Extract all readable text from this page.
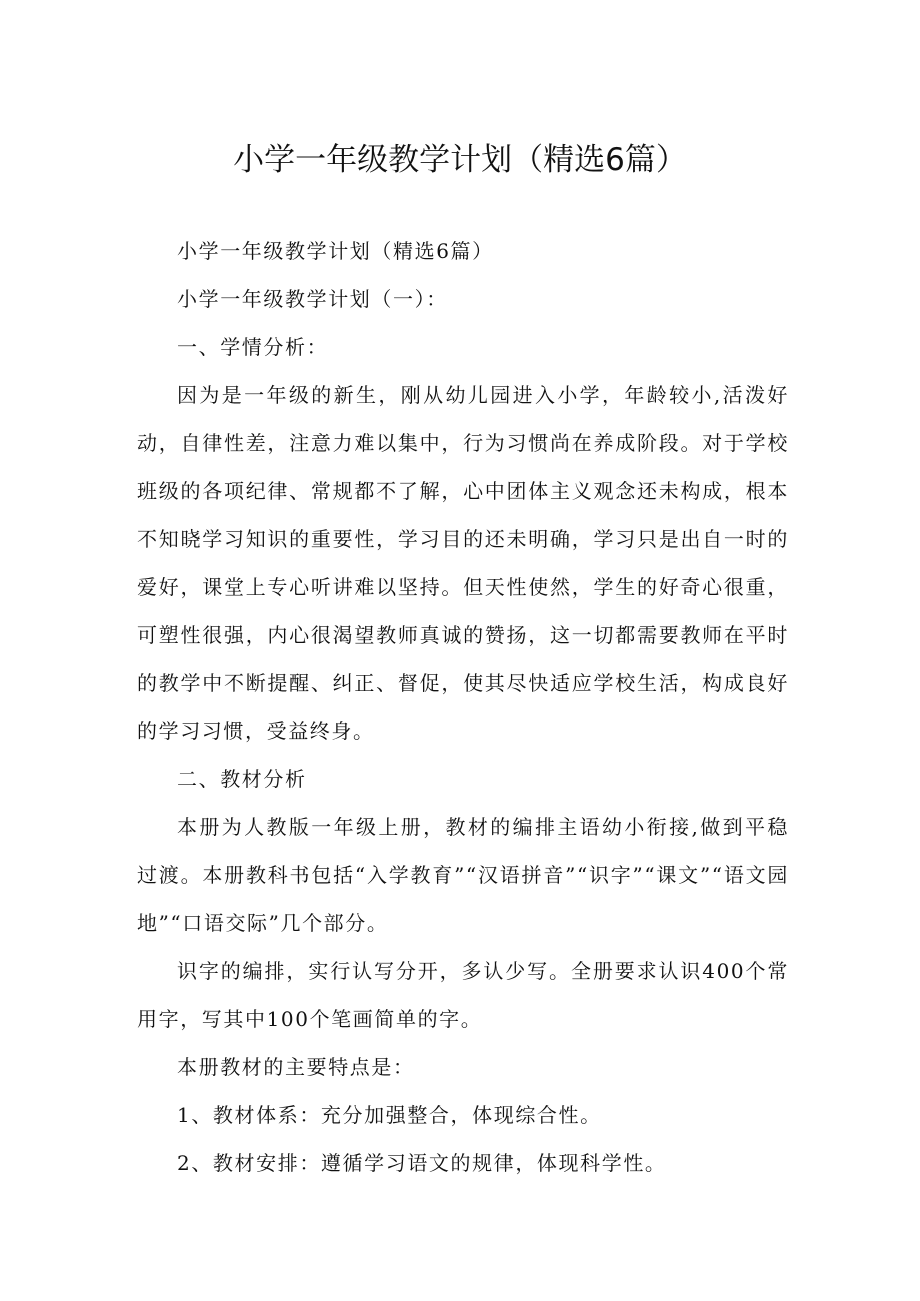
小学一年级教学计划（精选6篇）

小学一年级教学计划（精选6篇）

小学一年级教学计划（一）：

一、学情分析：

因为是一年级的新生，刚从幼儿园进入小学，年龄较小,活泼好动，自律性差，注意力难以集中，行为习惯尚在养成阶段。对于学校班级的各项纪律、常规都不了解，心中团体主义观念还未构成，根本不知晓学习知识的重要性，学习目的还未明确，学习只是出自一时的爱好，课堂上专心听讲难以坚持。但天性使然，学生的好奇心很重，可塑性很强，内心很渴望教师真诚的赞扬，这一切都需要教师在平时的教学中不断提醒、纠正、督促，使其尽快适应学校生活，构成良好的学习习惯，受益终身。

二、教材分析

本册为人教版一年级上册，教材的编排主语幼小衔接,做到平稳过渡。本册教科书包括“入学教育”“汉语拼音”“识字”“课文”“语文园地”“口语交际”几个部分。

识字的编排，实行认写分开，多认少写。全册要求认识400个常用字，写其中100个笔画简单的字。

本册教材的主要特点是：

1、教材体系：充分加强整合，体现综合性。

2、教材安排：遵循学习语文的规律，体现科学性。
